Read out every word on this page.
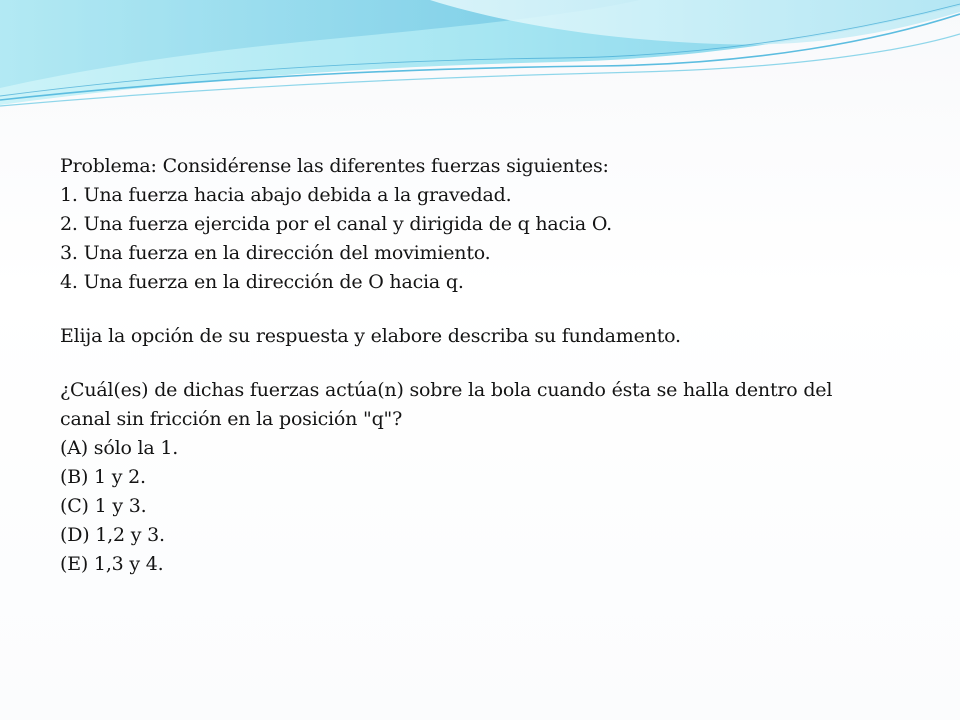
Problema: Considérense las diferentes fuerzas siguientes:
1. Una fuerza hacia abajo debida a la gravedad.
2. Una fuerza ejercida por el canal y dirigida de q hacia O.
3. Una fuerza en la dirección del movimiento.
4. Una fuerza en la dirección de O hacia q.
Elija la opción de su respuesta y elabore describa su fundamento.
¿Cuál(es) de dichas fuerzas actúa(n) sobre la bola cuando ésta se halla dentro del
canal sin fricción en la posición "q"?
(A) sólo la 1.
(B) 1 y 2.
(C) 1 y 3.
(D) 1,2 y 3.
(E) 1,3 y 4.
